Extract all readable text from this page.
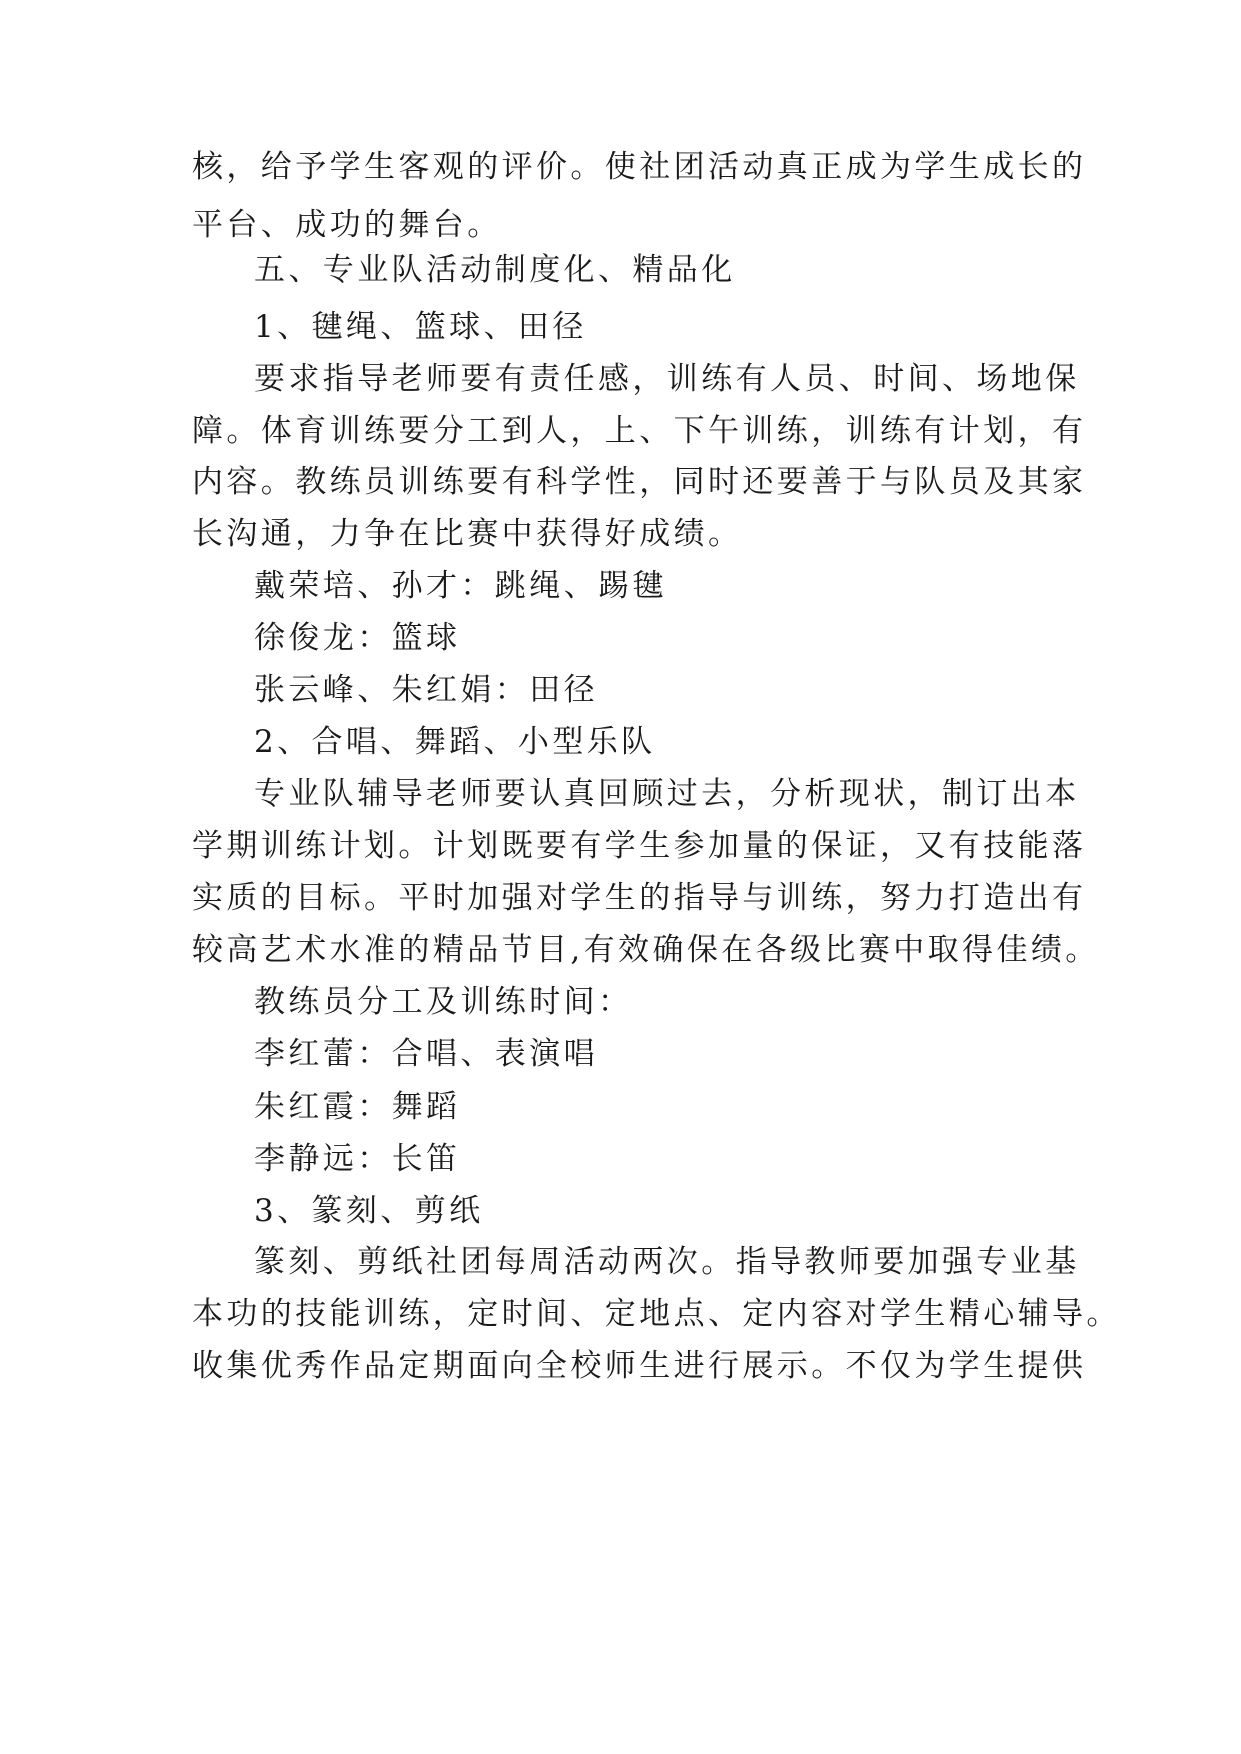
核，给予学生客观的评价。使社团活动真正成为学生成长的
平台、成功的舞台。
五、专业队活动制度化、精品化
1、毽绳、篮球、田径
要求指导老师要有责任感，训练有人员、时间、场地保
障。体育训练要分工到人，上、下午训练，训练有计划，有
内容。教练员训练要有科学性，同时还要善于与队员及其家
长沟通，力争在比赛中获得好成绩。
戴荣培、孙才：跳绳、踢毽
徐俊龙：篮球
张云峰、朱红娟：田径
2、合唱、舞蹈、小型乐队
专业队辅导老师要认真回顾过去，分析现状，制订出本
学期训练计划。计划既要有学生参加量的保证，又有技能落
实质的目标。平时加强对学生的指导与训练，努力打造出有
较高艺术水准的精品节目,有效确保在各级比赛中取得佳绩。
教练员分工及训练时间：
李红蕾：合唱、表演唱
朱红霞：舞蹈
李静远：长笛
3、篆刻、剪纸
篆刻、剪纸社团每周活动两次。指导教师要加强专业基
本功的技能训练，定时间、定地点、定内容对学生精心辅导。
收集优秀作品定期面向全校师生进行展示。不仅为学生提供
